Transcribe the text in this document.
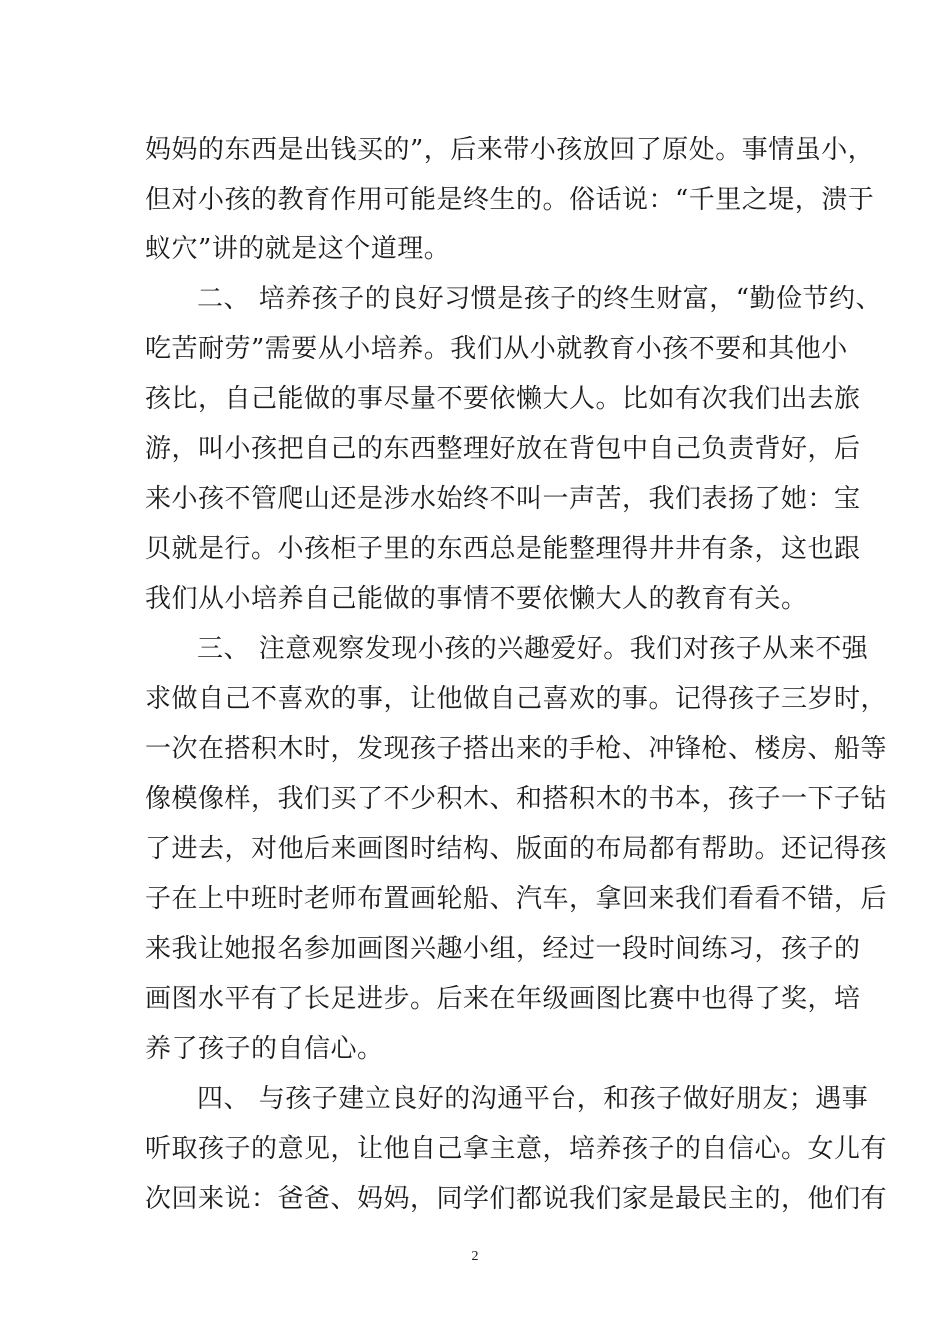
妈妈的东西是出钱买的”，后来带小孩放回了原处。事情虽小，
但对小孩的教育作用可能是终生的。俗话说：“千里之堤，溃于
蚁穴”讲的就是这个道理。
二、 培养孩子的良好习惯是孩子的终生财富，“勤俭节约、
吃苦耐劳”需要从小培养。我们从小就教育小孩不要和其他小
孩比，自己能做的事尽量不要依懒大人。比如有次我们出去旅
游，叫小孩把自己的东西整理好放在背包中自己负责背好，后
来小孩不管爬山还是涉水始终不叫一声苦，我们表扬了她：宝
贝就是行。小孩柜子里的东西总是能整理得井井有条，这也跟
我们从小培养自己能做的事情不要依懒大人的教育有关。
三、 注意观察发现小孩的兴趣爱好。我们对孩子从来不强
求做自己不喜欢的事，让他做自己喜欢的事。记得孩子三岁时，
一次在搭积木时，发现孩子搭出来的手枪、冲锋枪、楼房、船等
像模像样，我们买了不少积木、和搭积木的书本，孩子一下子钻
了进去，对他后来画图时结构、版面的布局都有帮助。还记得孩
子在上中班时老师布置画轮船、汽车，拿回来我们看看不错，后
来我让她报名参加画图兴趣小组，经过一段时间练习，孩子的
画图水平有了长足进步。后来在年级画图比赛中也得了奖，培
养了孩子的自信心。
四、 与孩子建立良好的沟通平台，和孩子做好朋友；遇事
听取孩子的意见，让他自己拿主意，培养孩子的自信心。女儿有
次回来说：爸爸、妈妈，同学们都说我们家是最民主的，他们有
2
